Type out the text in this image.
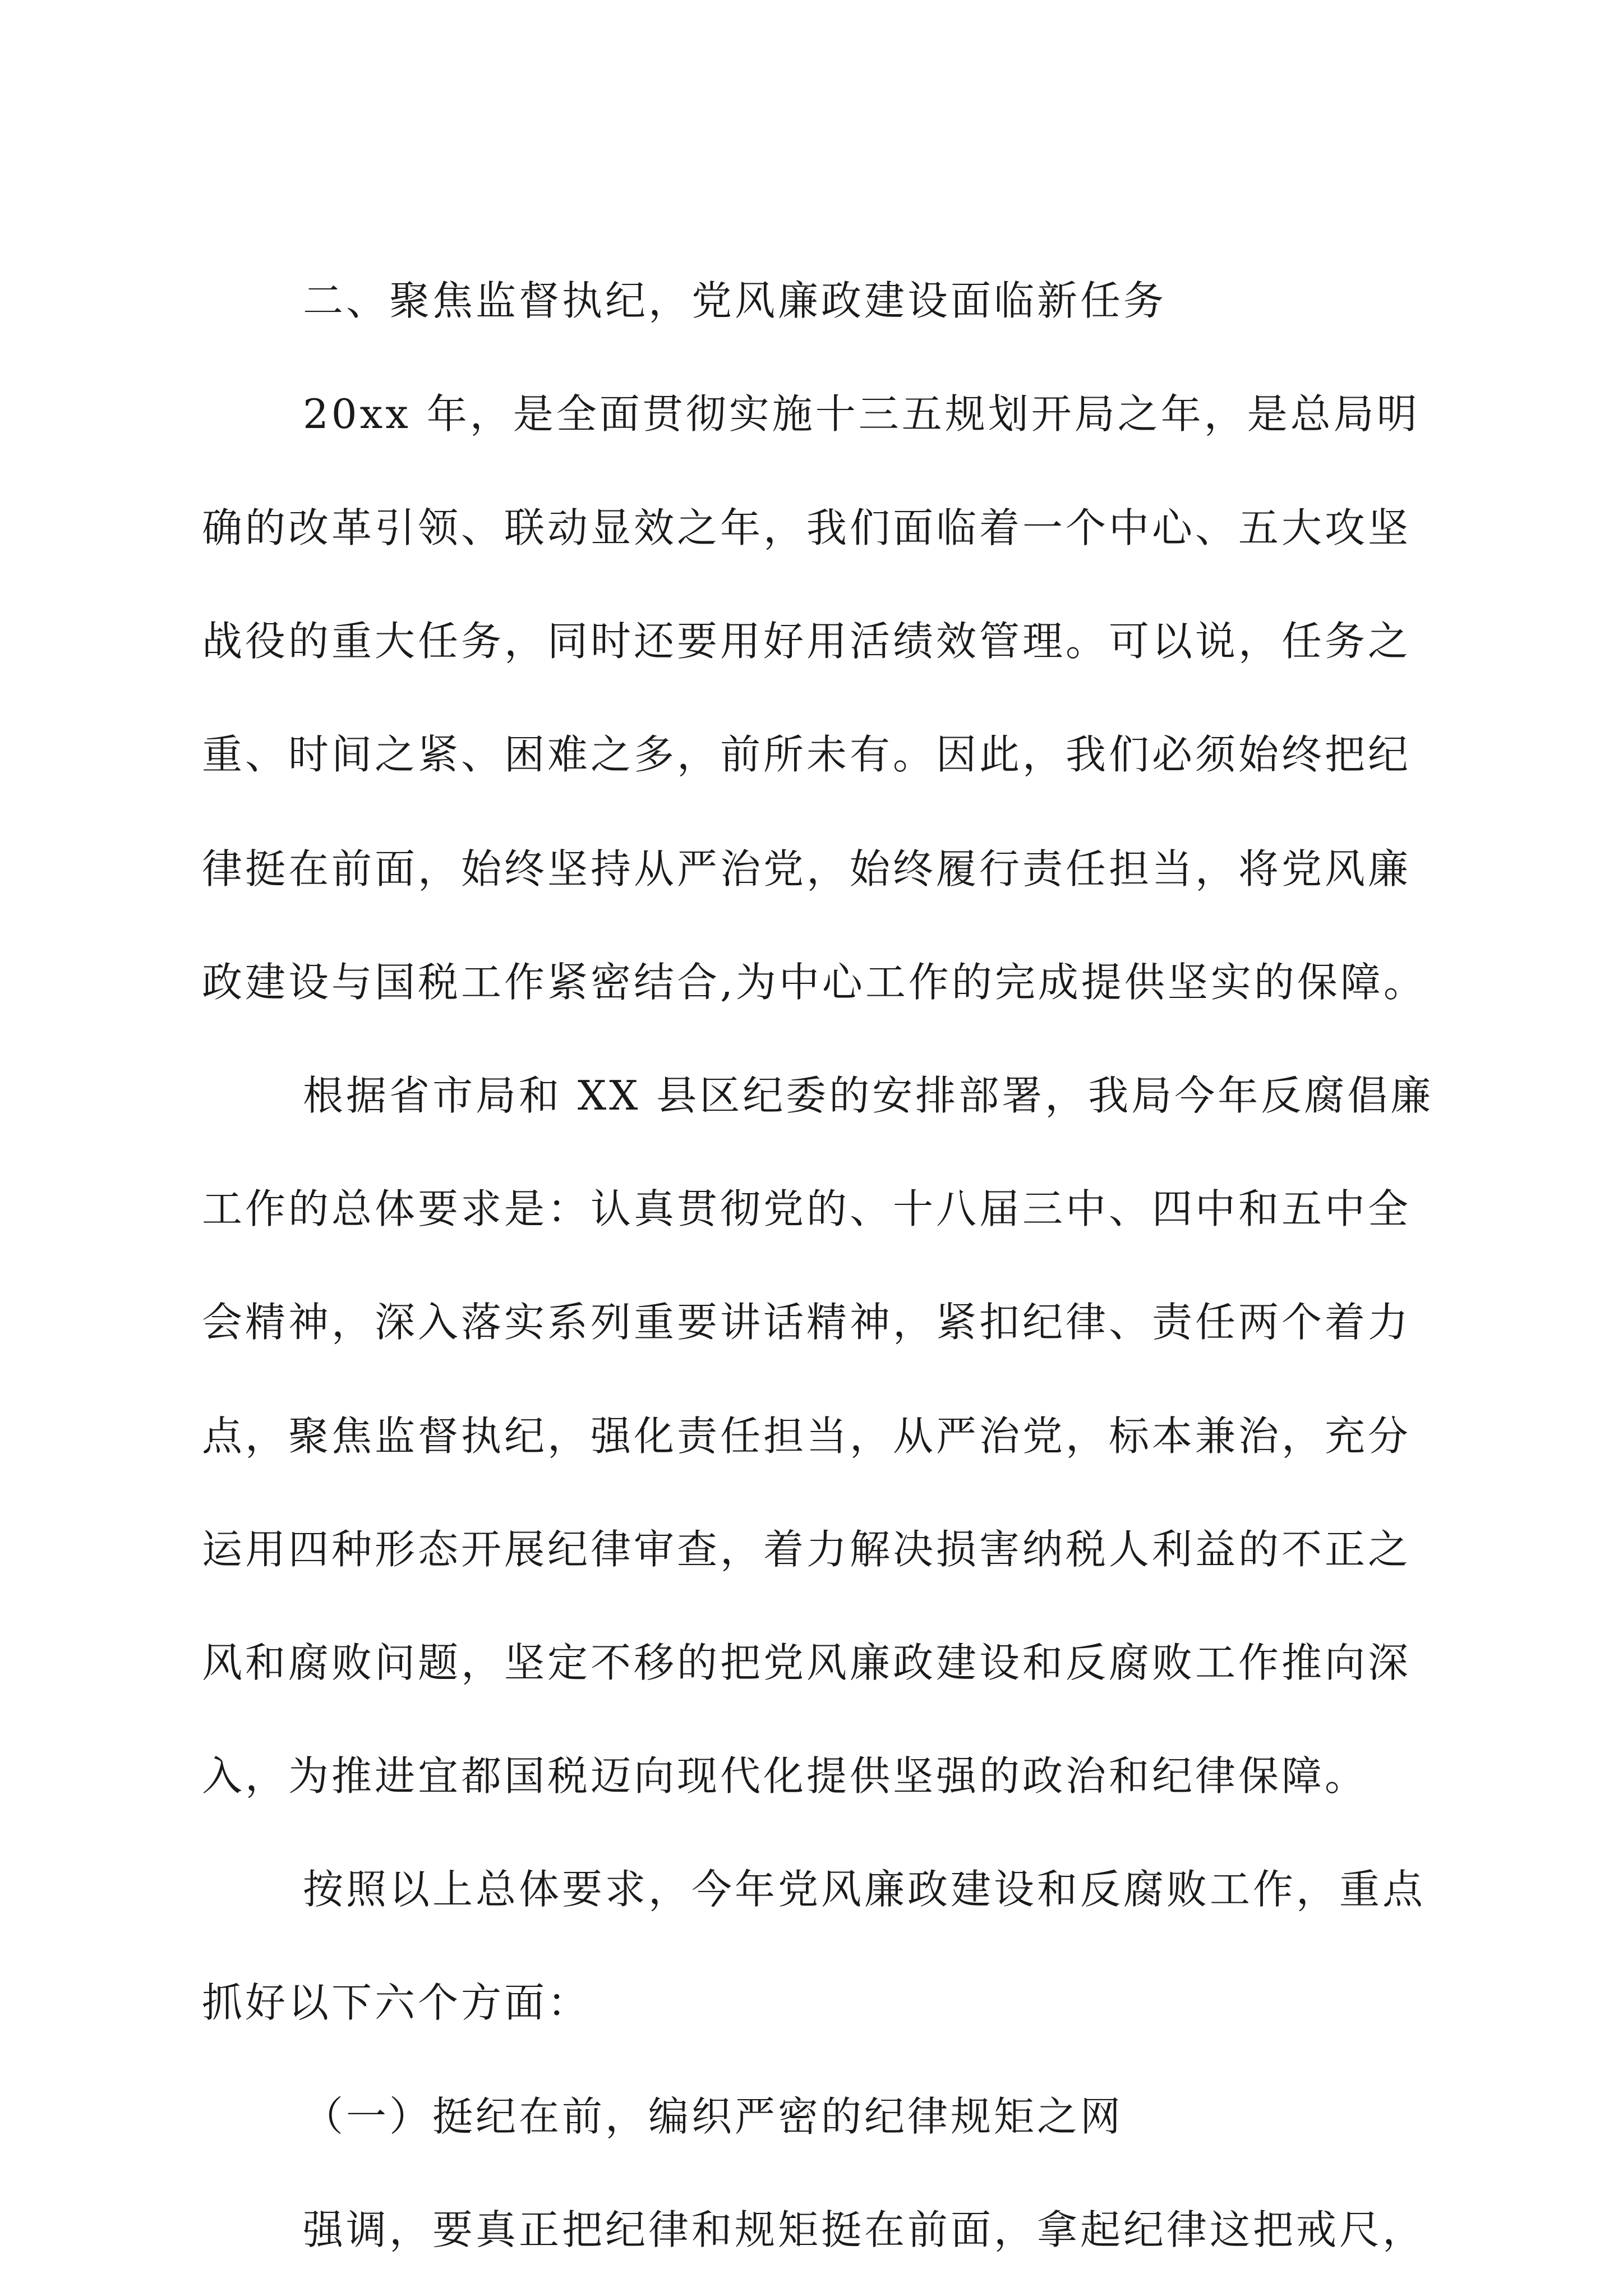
二、聚焦监督执纪，党风廉政建设面临新任务
20xx 年，是全面贯彻实施十三五规划开局之年，是总局明
确的改革引领、联动显效之年，我们面临着一个中心、五大攻坚
战役的重大任务，同时还要用好用活绩效管理。可以说，任务之
重、时间之紧、困难之多，前所未有。因此，我们必须始终把纪
律挺在前面，始终坚持从严治党，始终履行责任担当，将党风廉
政建设与国税工作紧密结合,为中心工作的完成提供坚实的保障。
根据省市局和 XX 县区纪委的安排部署，我局今年反腐倡廉
工作的总体要求是：认真贯彻党的、十八届三中、四中和五中全
会精神，深入落实系列重要讲话精神，紧扣纪律、责任两个着力
点，聚焦监督执纪，强化责任担当，从严治党，标本兼治，充分
运用四种形态开展纪律审查，着力解决损害纳税人利益的不正之
风和腐败问题，坚定不移的把党风廉政建设和反腐败工作推向深
入，为推进宜都国税迈向现代化提供坚强的政治和纪律保障。
按照以上总体要求，今年党风廉政建设和反腐败工作，重点
抓好以下六个方面：
（一）挺纪在前，编织严密的纪律规矩之网
强调，要真正把纪律和规矩挺在前面，拿起纪律这把戒尺，
